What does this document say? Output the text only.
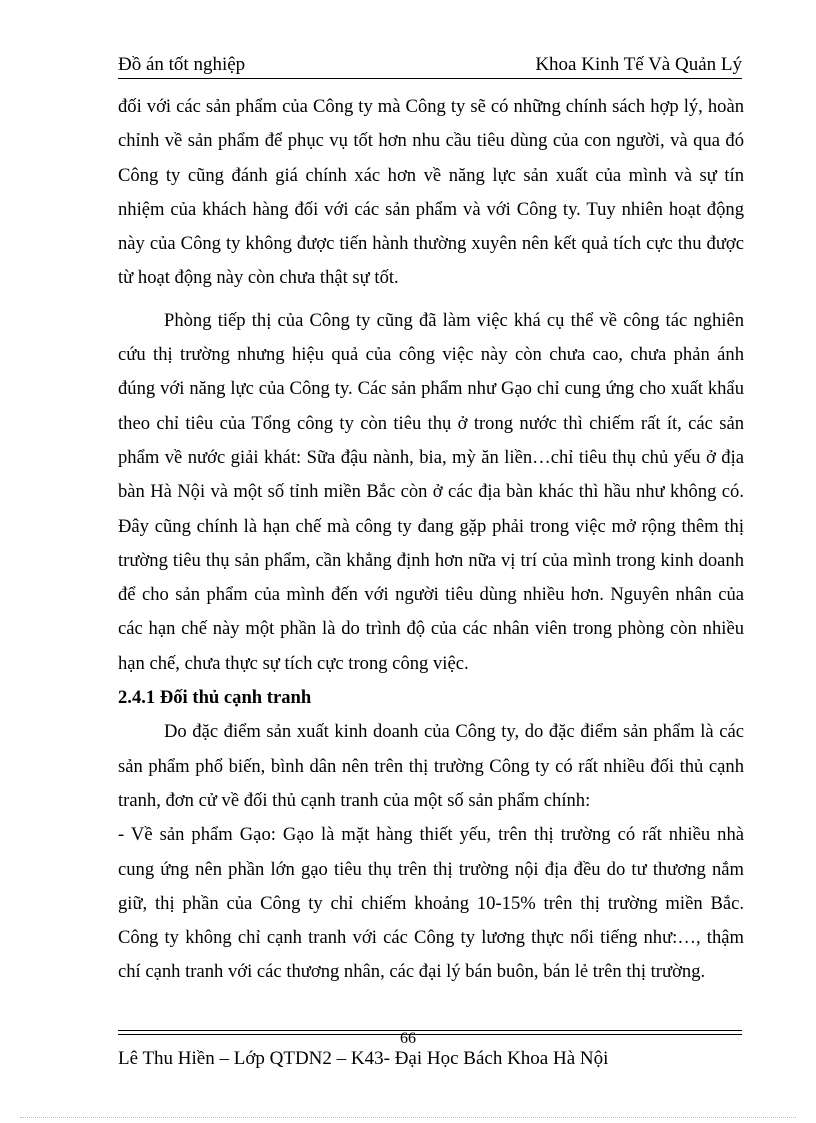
Đồ án tốt nghiệp	Khoa Kinh Tế Và Quản Lý

đối với các sản phẩm của Công ty mà Công ty sẽ có những chính sách hợp lý, hoàn chỉnh về sản phẩm để phục vụ tốt hơn nhu cầu tiêu dùng của con người, và qua đó Công ty cũng đánh giá chính xác hơn về năng lực sản xuất của mình và sự tín nhiệm của khách hàng đối với các sản phẩm và với Công ty. Tuy nhiên hoạt động này của Công ty không được tiến hành thường xuyên nên kết quả tích cực thu được từ hoạt động này còn chưa thật sự tốt.

Phòng tiếp thị của Công ty cũng đã làm việc khá cụ thể về công tác nghiên cứu thị trường nhưng hiệu quả của công việc này còn chưa cao, chưa phản ánh đúng với năng lực của Công ty. Các sản phẩm như Gạo chỉ cung ứng cho xuất khẩu theo chỉ tiêu của Tổng công ty còn tiêu thụ ở trong nước thì chiếm rất ít, các sản phẩm về nước giải khát: Sữa đậu nành, bia, mỳ ăn liền…chỉ tiêu thụ chủ yếu ở địa bàn Hà Nội và một số tỉnh miền Bắc còn ở các địa bàn khác thì hầu như không có. Đây cũng chính là hạn chế mà công ty đang gặp phải trong việc mở rộng thêm thị trường tiêu thụ sản phẩm, cần khẳng định hơn nữa vị trí của mình trong kinh doanh để cho sản phẩm của mình đến với người tiêu dùng nhiều hơn. Nguyên nhân của các hạn chế này một phần là do trình độ của các nhân viên trong phòng còn nhiều hạn chế, chưa thực sự tích cực trong công việc.

2.4.1 Đối thủ cạnh tranh

Do đặc điểm sản xuất kinh doanh của Công ty, do đặc điểm sản phẩm là các sản phẩm phổ biến, bình dân nên trên thị trường Công ty có rất nhiều đối thủ cạnh tranh, đơn cử về đối thủ cạnh tranh của một số sản phẩm chính:

- Về sản phẩm Gạo: Gạo là mặt hàng thiết yếu, trên thị trường có rất nhiều nhà cung ứng nên phần lớn gạo tiêu thụ trên thị trường nội địa đều do tư thương nắm giữ, thị phần của Công ty chỉ chiếm khoảng 10-15% trên thị trường miền Bắc. Công ty không chỉ cạnh tranh với các Công ty lương thực nổi tiếng như:…, thậm chí cạnh tranh với các thương nhân, các đại lý bán buôn, bán lẻ trên thị trường.

66
Lê Thu Hiền – Lớp QTDN2 – K43- Đại Học Bách Khoa Hà Nội
